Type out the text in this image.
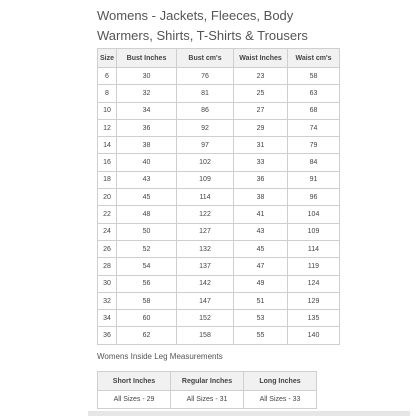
Womens - Jackets, Fleeces, Body Warmers, Shirts, T-Shirts & Trousers
Size	Bust Inches	Bust cm's	Waist Inches	Waist cm's
6	30	76	23	58
8	32	81	25	63
10	34	86	27	68
12	36	92	29	74
14	38	97	31	79
16	40	102	33	84
18	43	109	36	91
20	45	114	38	96
22	48	122	41	104
24	50	127	43	109
26	52	132	45	114
28	54	137	47	119
30	56	142	49	124
32	58	147	51	129
34	60	152	53	135
36	62	158	55	140
Womens Inside Leg Measurements
Short Inches	Regular Inches	Long Inches
All Sizes - 29	All Sizes - 31	All Sizes - 33
